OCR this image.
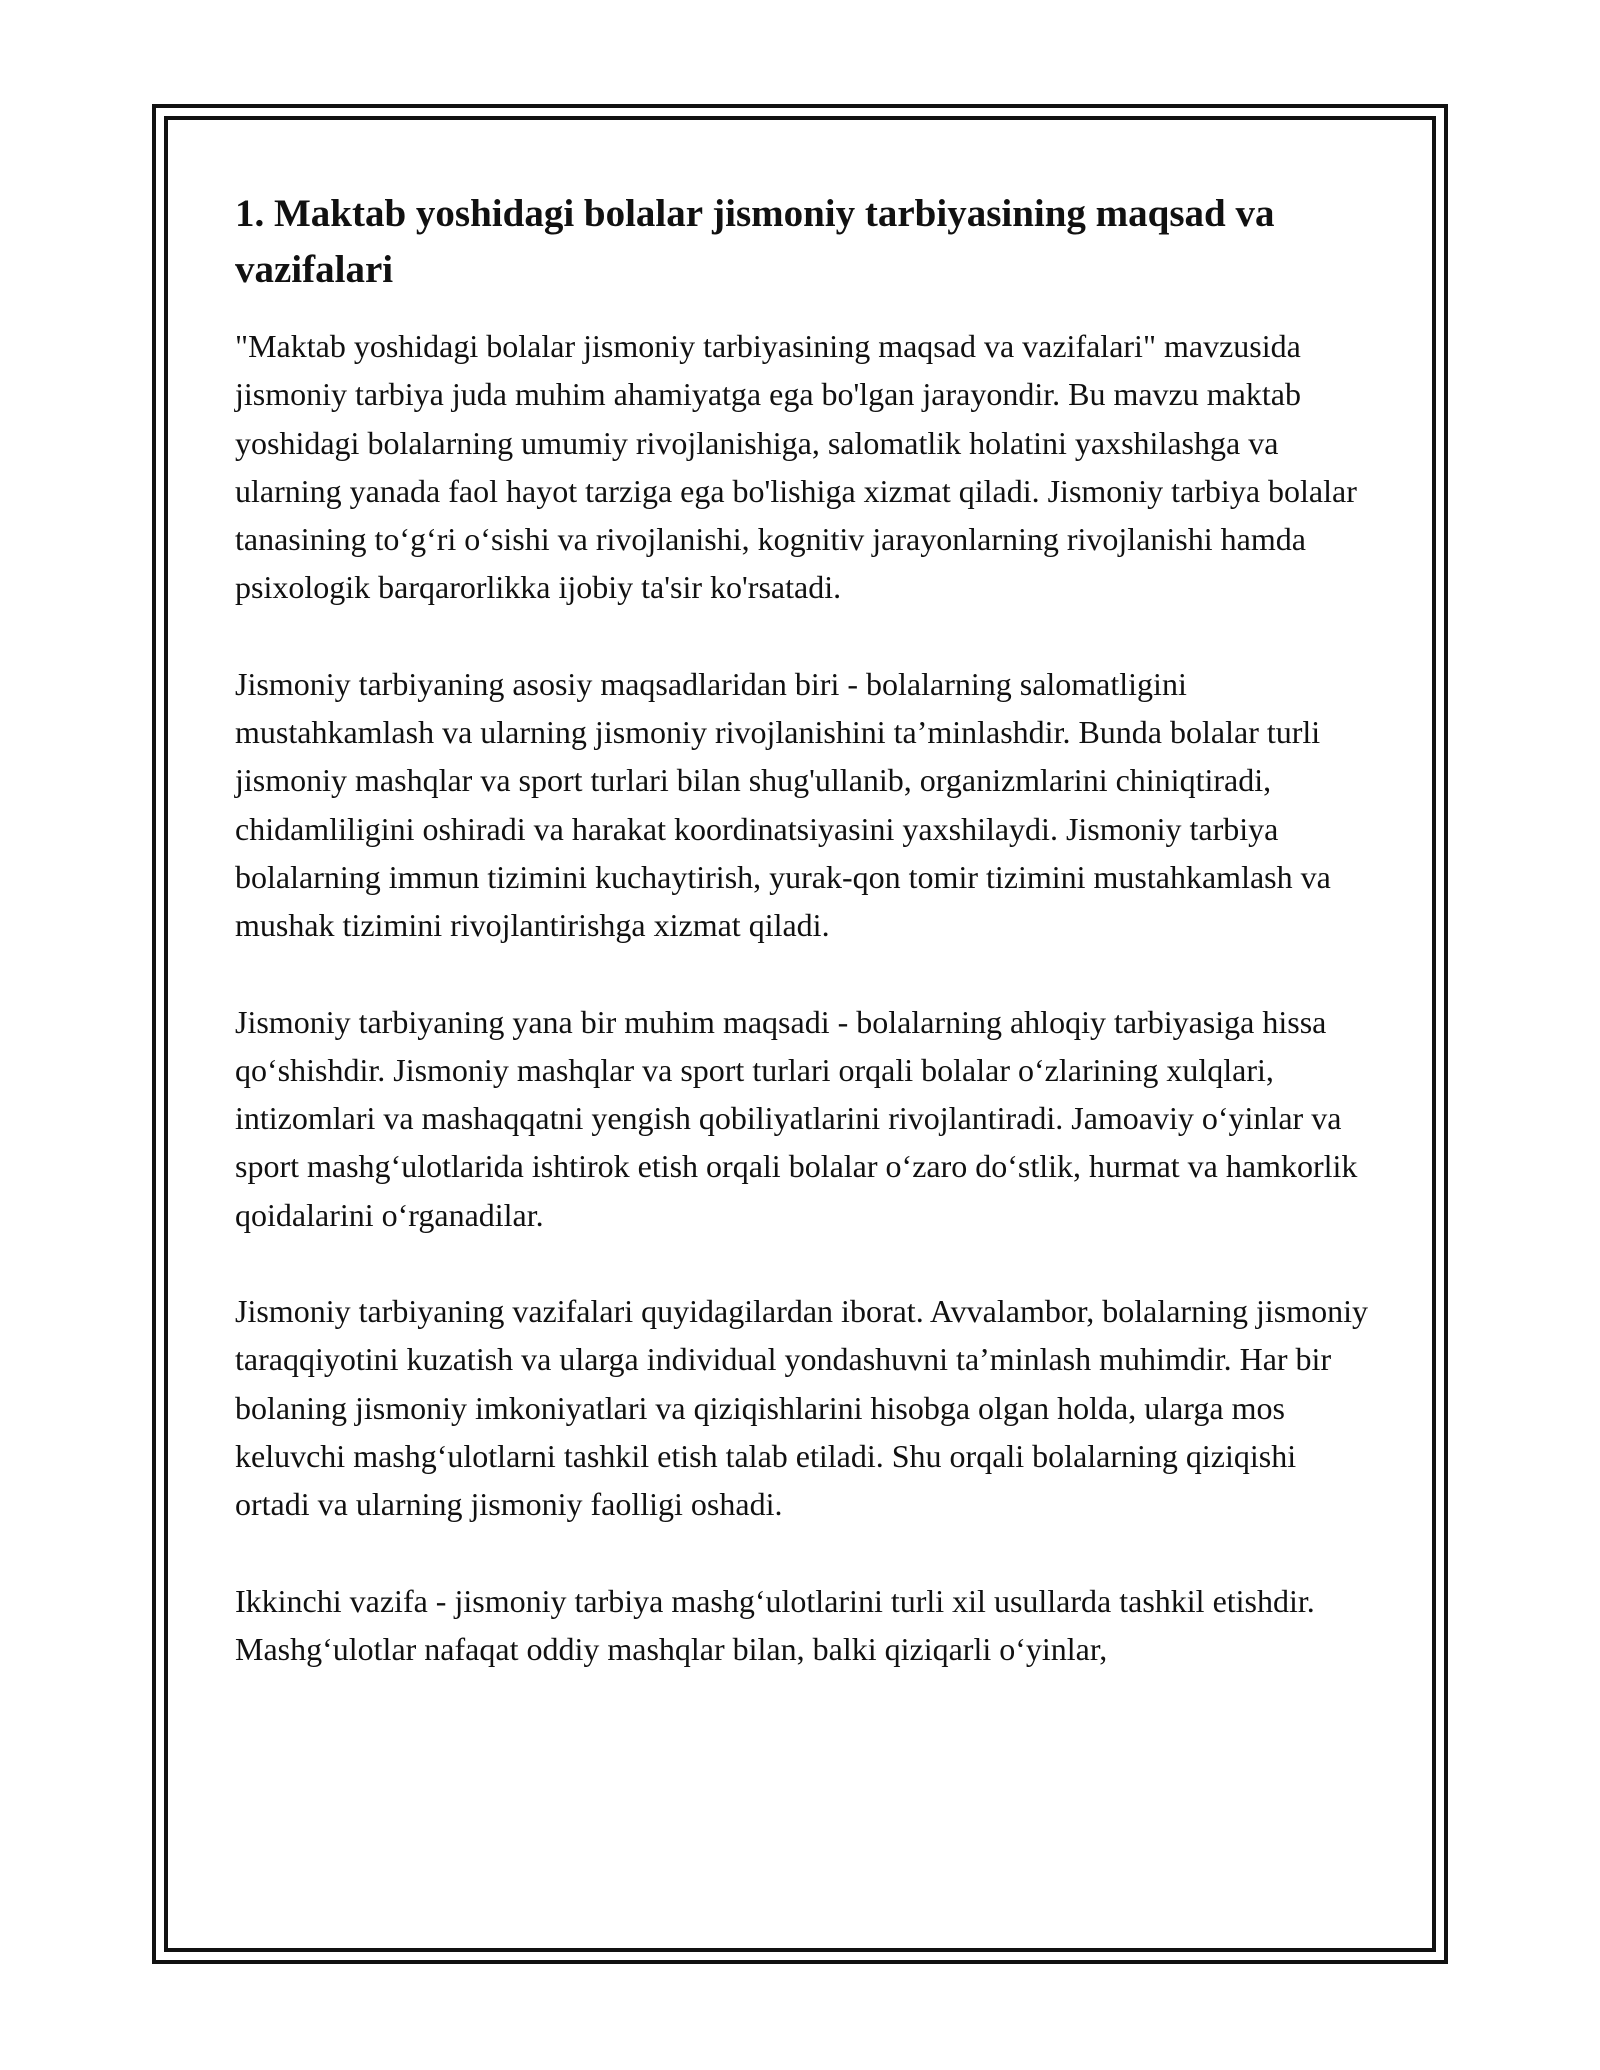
1. Maktab yoshidagi bolalar jismoniy tarbiyasining maqsad va vazifalari

"Maktab yoshidagi bolalar jismoniy tarbiyasining maqsad va vazifalari" mavzusida jismoniy tarbiya juda muhim ahamiyatga ega bo'lgan jarayondir. Bu mavzu maktab yoshidagi bolalarning umumiy rivojlanishiga, salomatlik holatini yaxshilashga va ularning yanada faol hayot tarziga ega bo'lishiga xizmat qiladi. Jismoniy tarbiya bolalar tanasining toʻgʻri oʻsishi va rivojlanishi, kognitiv jarayonlarning rivojlanishi hamda psixologik barqarorlikka ijobiy ta'sir ko'rsatadi.

Jismoniy tarbiyaning asosiy maqsadlaridan biri - bolalarning salomatligini mustahkamlash va ularning jismoniy rivojlanishini ta’minlashdir. Bunda bolalar turli jismoniy mashqlar va sport turlari bilan shug'ullanib, organizmlarini chiniqtiradi, chidamliligini oshiradi va harakat koordinatsiyasini yaxshilaydi. Jismoniy tarbiya bolalarning immun tizimini kuchaytirish, yurak-qon tomir tizimini mustahkamlash va mushak tizimini rivojlantirishga xizmat qiladi.

Jismoniy tarbiyaning yana bir muhim maqsadi - bolalarning ahloqiy tarbiyasiga hissa qoʻshishdir. Jismoniy mashqlar va sport turlari orqali bolalar oʻzlarining xulqlari, intizomlari va mashaqqatni yengish qobiliyatlarini rivojlantiradi. Jamoaviy oʻyinlar va sport mashgʻulotlarida ishtirok etish orqali bolalar oʻzaro doʻstlik, hurmat va hamkorlik qoidalarini oʻrganadilar.

Jismoniy tarbiyaning vazifalari quyidagilardan iborat. Avvalambor, bolalarning jismoniy taraqqiyotini kuzatish va ularga individual yondashuvni ta’minlash muhimdir. Har bir bolaning jismoniy imkoniyatlari va qiziqishlarini hisobga olgan holda, ularga mos keluvchi mashgʻulotlarni tashkil etish talab etiladi. Shu orqali bolalarning qiziqishi ortadi va ularning jismoniy faolligi oshadi.

Ikkinchi vazifa - jismoniy tarbiya mashgʻulotlarini turli xil usullarda tashkil etishdir. Mashgʻulotlar nafaqat oddiy mashqlar bilan, balki qiziqarli oʻyinlar,
